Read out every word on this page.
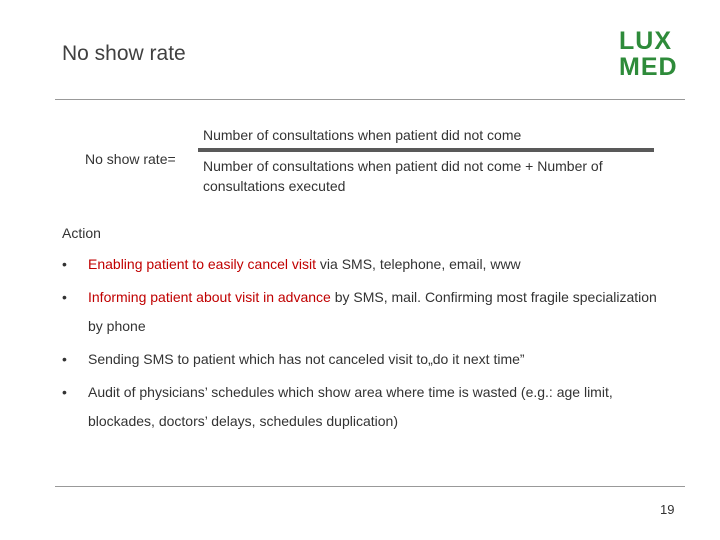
No show rate	LUX
MED
No show rate=
Number of consultations when patient did not come
Number of consultations when patient did not come + Number of consultations executed
Action
• Enabling patient to easily cancel visit via SMS, telephone, email, www
• Informing patient about visit in advance by SMS, mail. Confirming most fragile specialization by phone
• Sending SMS to patient which has not canceled visit to„do it next time”
• Audit of physicians’ schedules which show area where time is wasted (e.g.: age limit, blockades, doctors’ delays, schedules duplication)
19
